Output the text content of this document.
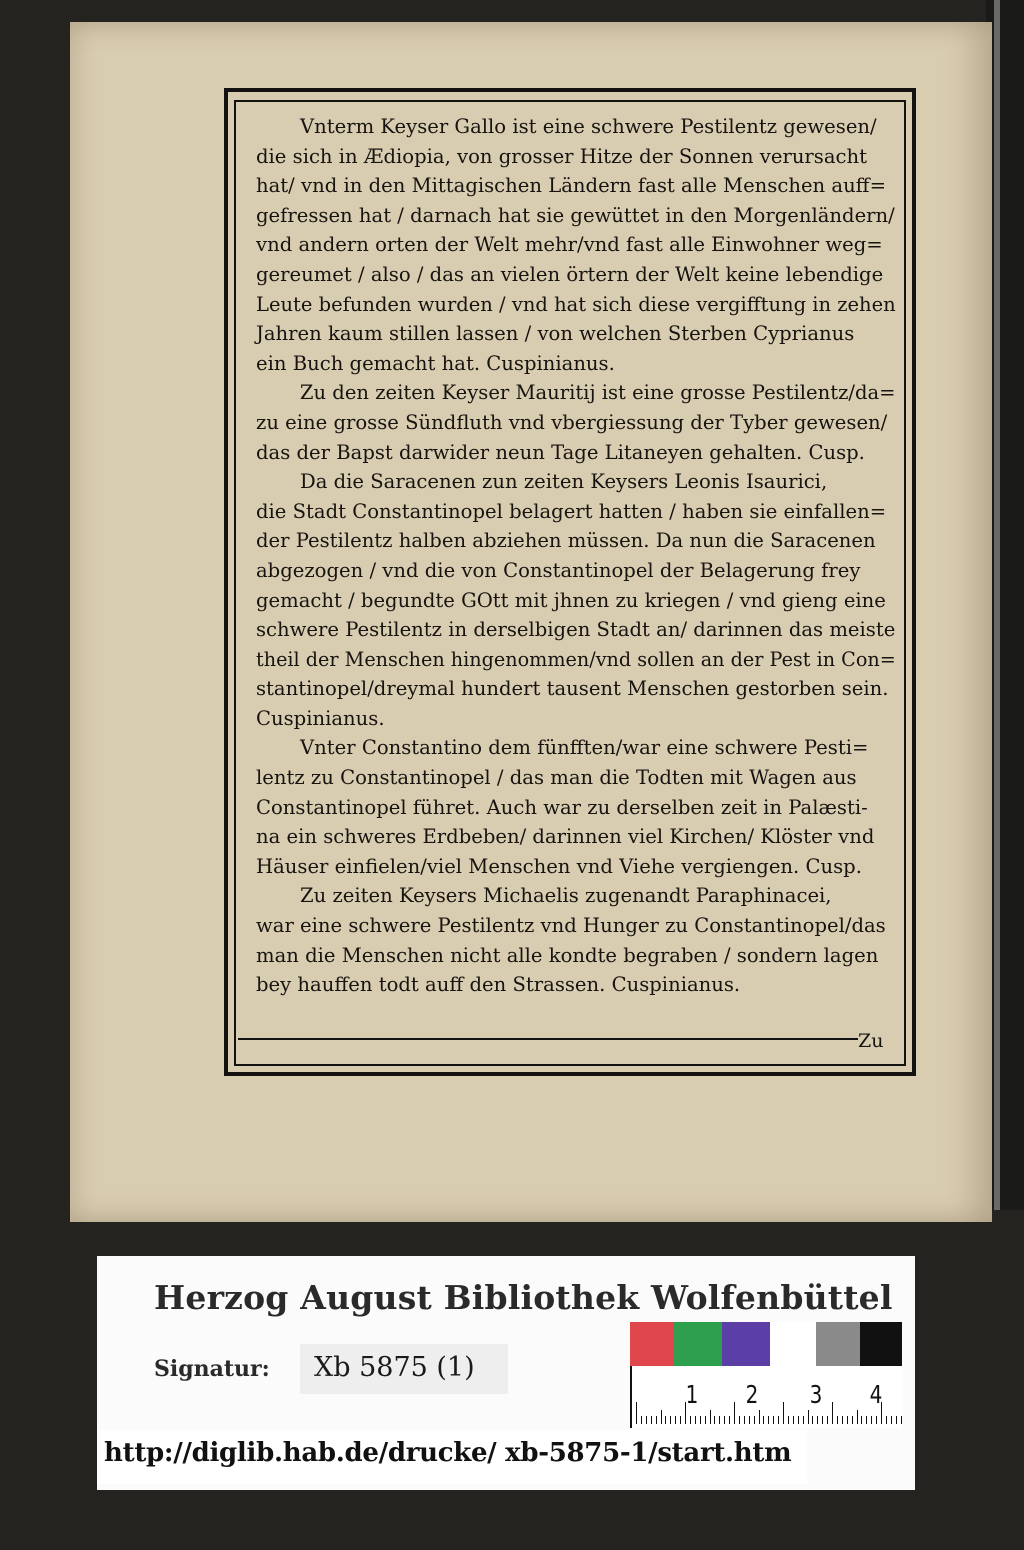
Vnterm Keyser Gallo ist eine schwere Pestilentz gewesen/
die sich in Ædiopia, von grosser Hitze der Sonnen verursacht
hat/ vnd in den Mittagischen Ländern fast alle Menschen auff=
gefressen hat / darnach hat sie gewüttet in den Morgenländern/
vnd andern orten der Welt mehr/vnd fast alle Einwohner weg=
gereumet / also / das an vielen örtern der Welt keine lebendige
Leute befunden wurden / vnd hat sich diese vergifftung in zehen
Jahren kaum stillen lassen / von welchen Sterben Cyprianus
ein Buch gemacht hat. Cuspinianus.

Zu den zeiten Keyser Mauritij ist eine grosse Pestilentz/da=
zu eine grosse Sündfluth vnd vbergiessung der Tyber gewesen/
das der Bapst darwider neun Tage Litaneyen gehalten. Cusp.

Da die Saracenen zun zeiten Keysers Leonis Isaurici,
die Stadt Constantinopel belagert hatten / haben sie einfallen=
der Pestilentz halben abziehen müssen. Da nun die Saracenen
abgezogen / vnd die von Constantinopel der Belagerung frey
gemacht / begundte GOtt mit jhnen zu kriegen / vnd gieng eine
schwere Pestilentz in derselbigen Stadt an/ darinnen das meiste
theil der Menschen hingenommen/vnd sollen an der Pest in Con=
stantinopel/dreymal hundert tausent Menschen gestorben sein.
Cuspinianus.

Vnter Constantino dem fünfften/war eine schwere Pesti=
lentz zu Constantinopel / das man die Todten mit Wagen aus
Constantinopel führet. Auch war zu derselben zeit in Palæsti-
na ein schweres Erdbeben/ darinnen viel Kirchen/ Klöster vnd
Häuser einfielen/viel Menschen vnd Viehe vergiengen. Cusp.

Zu zeiten Keysers Michaelis zugenandt Paraphinacei,
war eine schwere Pestilentz vnd Hunger zu Constantinopel/das
man die Menschen nicht alle kondte begraben / sondern lagen
bey hauffen todt auff den Strassen. Cuspinianus.

Zu
Herzog August Bibliothek Wolfenbüttel
Signatur: Xb 5875 (1)
1 2 3 4
http://diglib.hab.de/drucke/ xb-5875-1/start.htm
